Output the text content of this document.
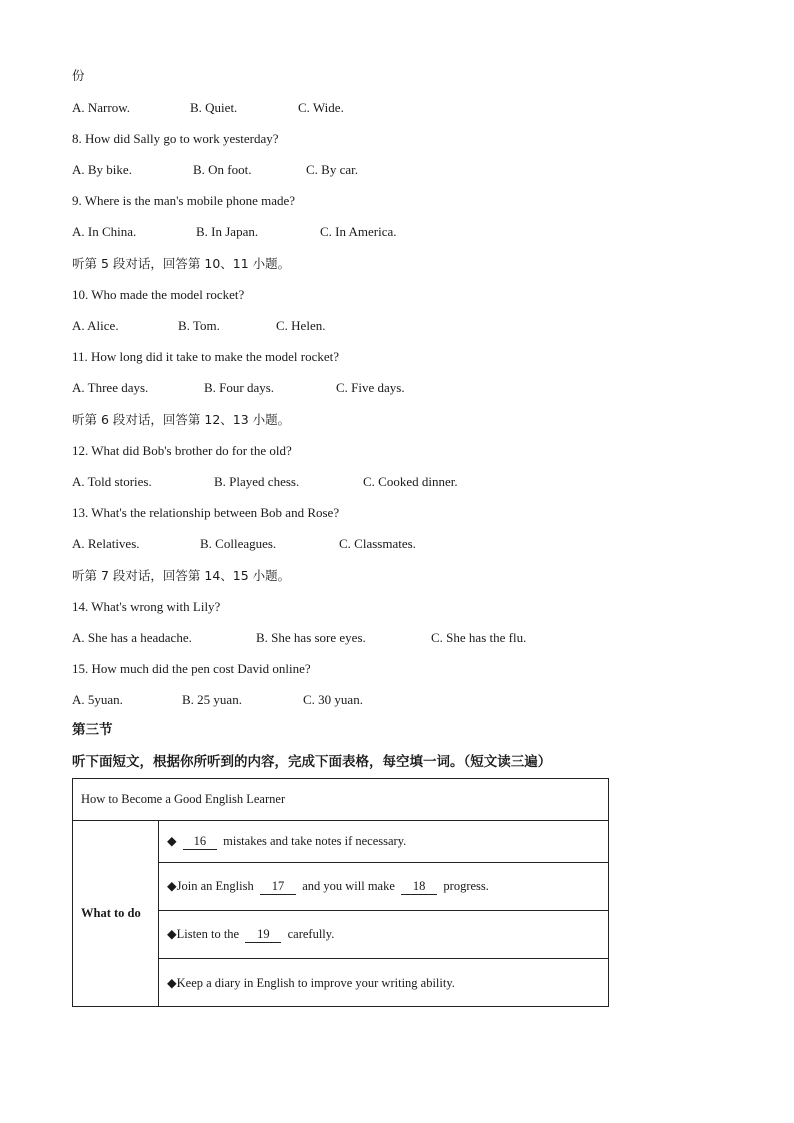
份
A. Narrow.	B. Quiet.	C. Wide.
8. How did Sally go to work yesterday?
A. By bike.	B. On foot.	C. By car.
9. Where is the man's mobile phone made?
A. In China.	B. In Japan.	C. In America.
听第 5 段对话，回答第 10、11 小题。
10. Who made the model rocket?
A. Alice.	B. Tom.	C. Helen.
11. How long did it take to make the model rocket?
A. Three days.	B. Four days.	C. Five days.
听第 6 段对话，回答第 12、13 小题。
12. What did Bob's brother do for the old?
A. Told stories.	B. Played chess.	C. Cooked dinner.
13. What's the relationship between Bob and Rose?
A. Relatives.	B. Colleagues.	C. Classmates.
听第 7 段对话，回答第 14、15 小题。
14. What's wrong with Lily?
A. She has a headache.	B. She has sore eyes.	C. She has the flu.
15. How much did the pen cost David online?
A. 5yuan.	B. 25 yuan.	C. 30 yuan.
第三节
听下面短文，根据你所听到的内容，完成下面表格，每空填一词。（短文读三遍）
How to Become a Good English Learner
What to do	◆ 16 mistakes and take notes if necessary.
◆Join an English 17 and you will make 18 progress.
◆Listen to the 19 carefully.
◆Keep a diary in English to improve your writing ability.
